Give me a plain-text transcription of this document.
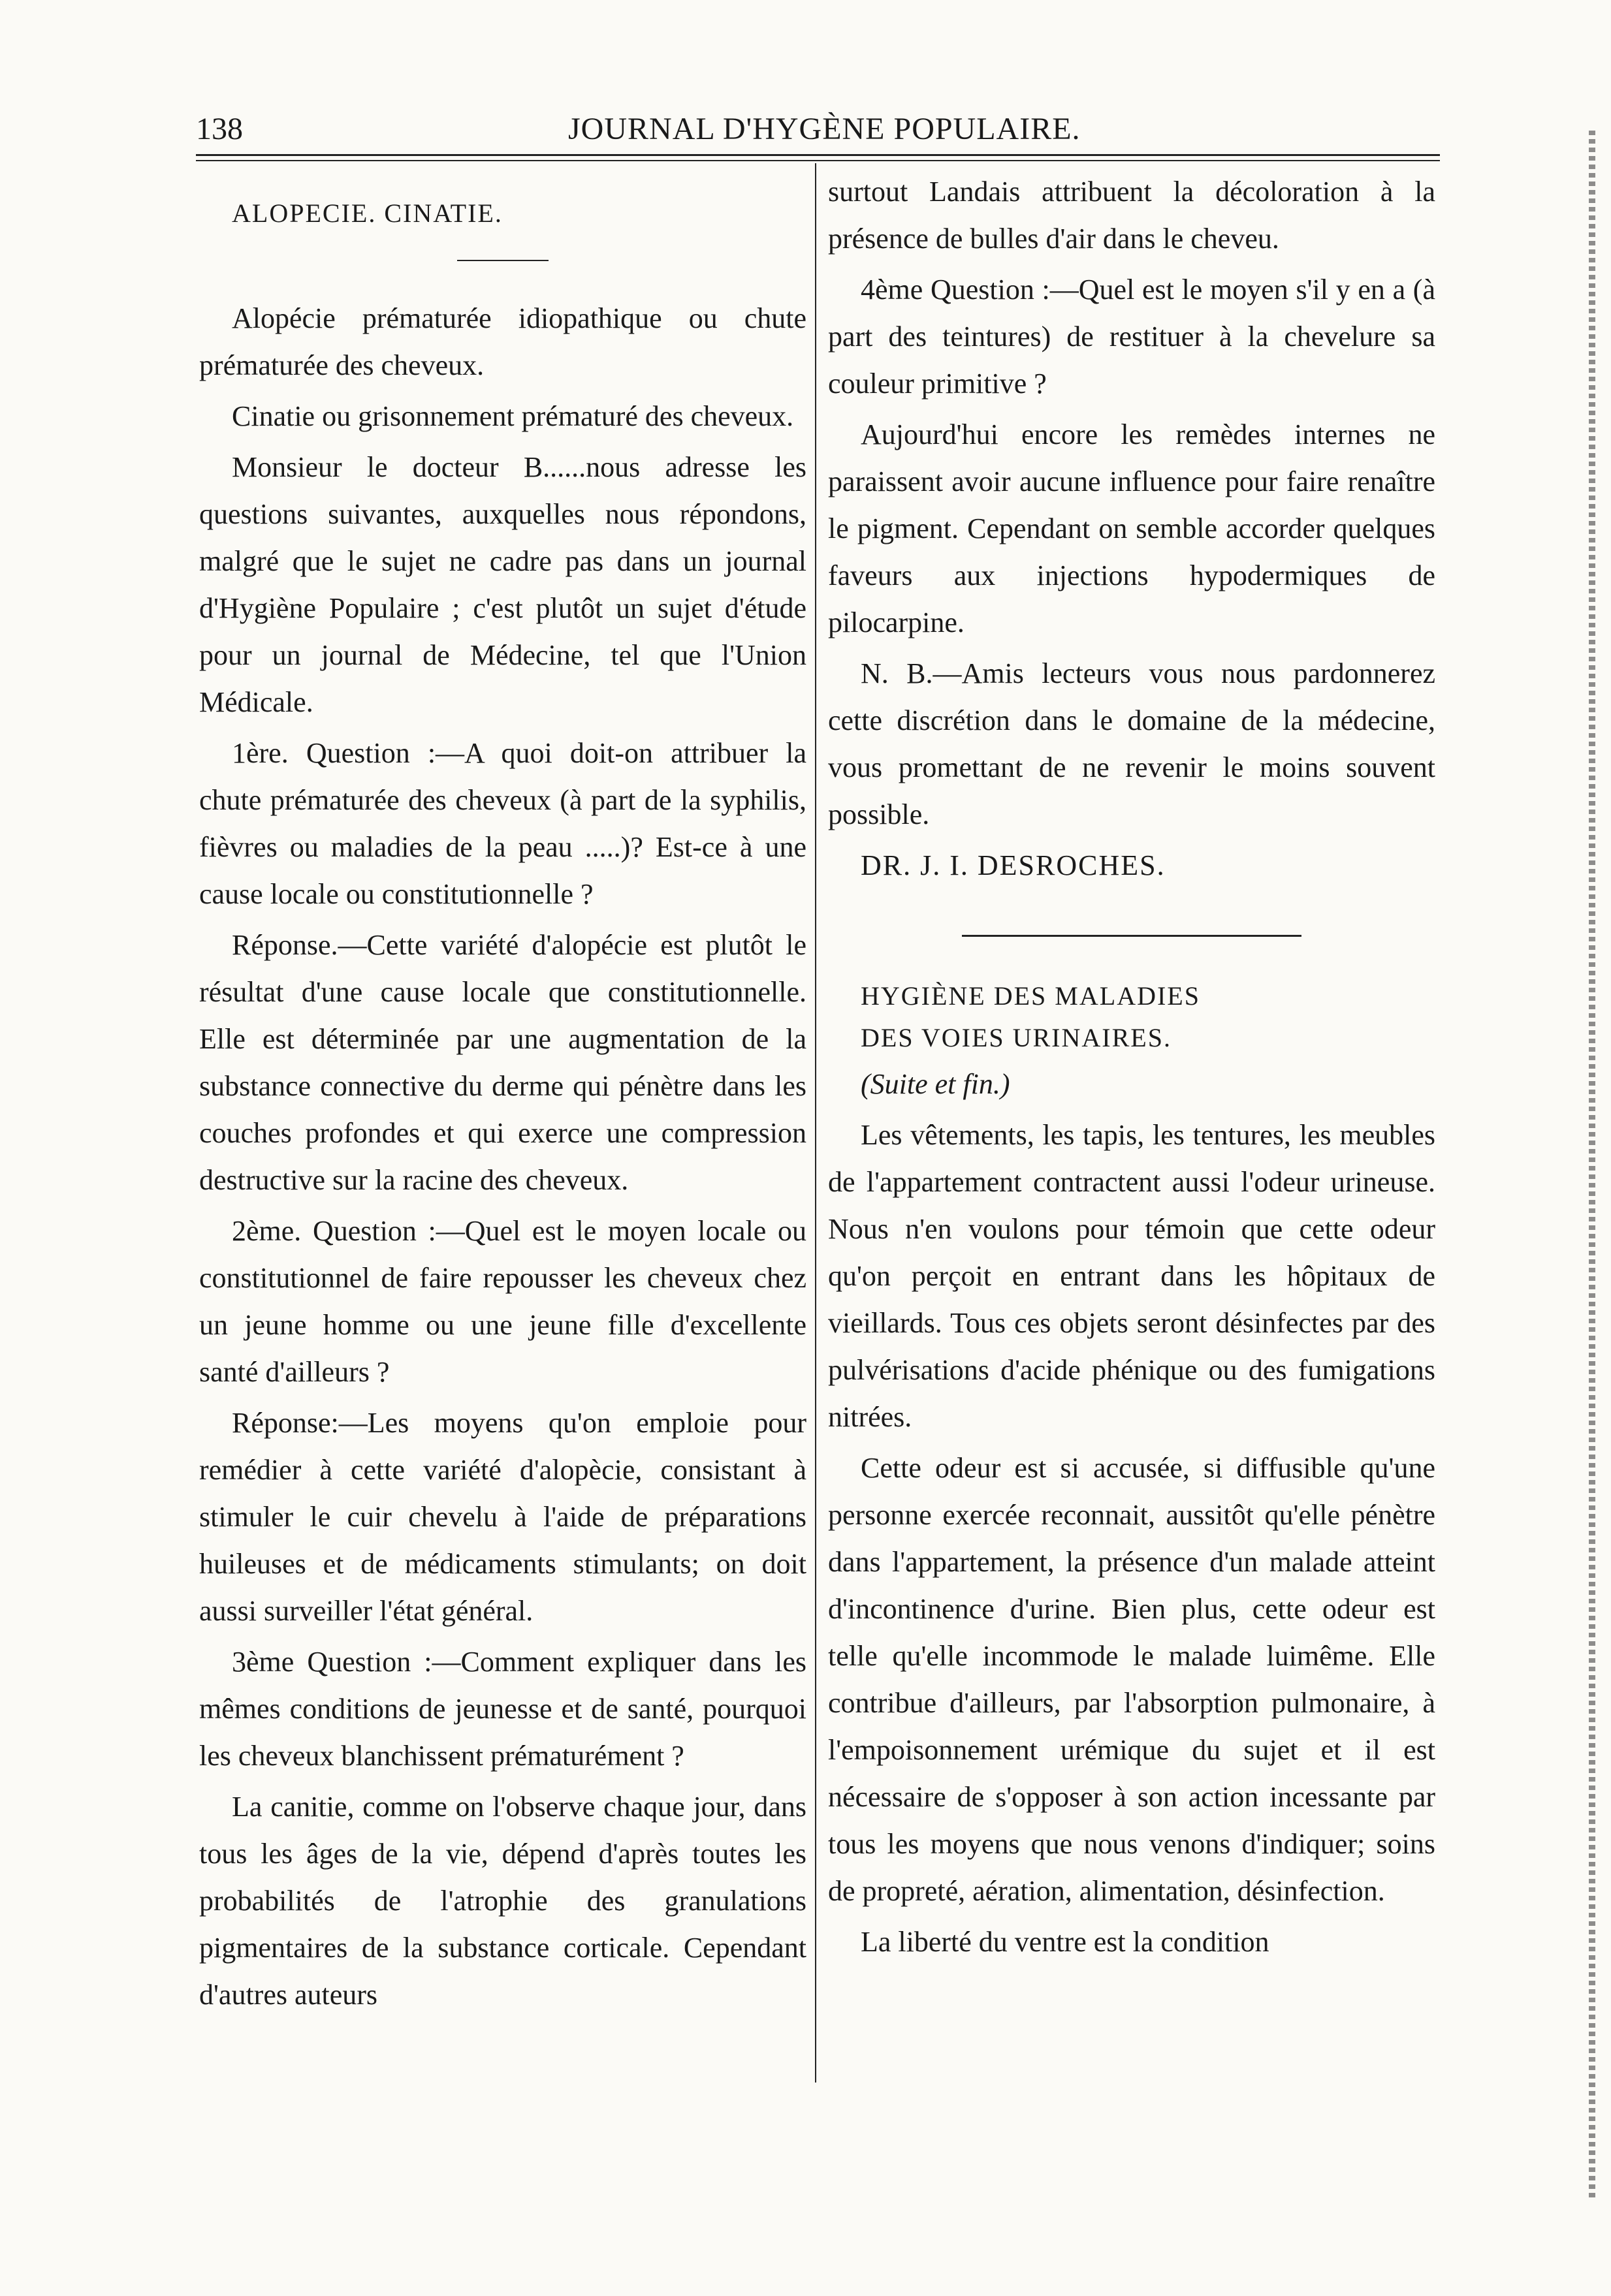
138	JOURNAL D'HYGÈNE POPULAIRE.

ALOPECIE. CINATIE.

Alopécie prématurée idiopathique ou chute prématurée des cheveux.

Cinatie ou grisonnement prématuré des cheveux.

Monsieur le docteur B......nous adresse les questions suivantes, auxquelles nous répondons, malgré que le sujet ne cadre pas dans un journal d'Hygiène Populaire ; c'est plutôt un sujet d'étude pour un journal de Médecine, tel que l'Union Médicale.

1ère. Question :—A quoi doit-on attribuer la chute prématurée des cheveux (à part de la syphilis, fièvres ou maladies de la peau .....)? Est-ce à une cause locale ou constitutionnelle ?

Réponse.—Cette variété d'alopécie est plutôt le résultat d'une cause locale que constitutionnelle. Elle est déterminée par une augmentation de la substance connective du derme qui pénètre dans les couches profondes et qui exerce une compression destructive sur la racine des cheveux.

2ème. Question :—Quel est le moyen locale ou constitutionnel de faire repousser les cheveux chez un jeune homme ou une jeune fille d'excellente santé d'ailleurs ?

Réponse:—Les moyens qu'on emploie pour remédier à cette variété d'alopècie, consistant à stimuler le cuir chevelu à l'aide de préparations huileuses et de médicaments stimulants; on doit aussi surveiller l'état général.

3ème Question :—Comment expliquer dans les mêmes conditions de jeunesse et de santé, pourquoi les cheveux blanchissent prématurément ?

La canitie, comme on l'observe chaque jour, dans tous les âges de la vie, dépend d'après toutes les probabilités de l'atrophie des granulations pigmentaires de la substance corticale. Cependant d'autres auteurs

surtout Landais attribuent la décoloration à la présence de bulles d'air dans le cheveu.

4ème Question :—Quel est le moyen s'il y en a (à part des teintures) de restituer à la chevelure sa couleur primitive ?

Aujourd'hui encore les remèdes internes ne paraissent avoir aucune influence pour faire renaître le pigment. Cependant on semble accorder quelques faveurs aux injections hypodermiques de pilocarpine.

N. B.—Amis lecteurs vous nous pardonnerez cette discrétion dans le domaine de la médecine, vous promettant de ne revenir le moins souvent possible.

DR. J. I. DESROCHES.

HYGIÈNE DES MALADIES

DES VOIES URINAIRES.

(Suite et fin.)

Les vêtements, les tapis, les tentures, les meubles de l'appartement contractent aussi l'odeur urineuse. Nous n'en voulons pour témoin que cette odeur qu'on perçoit en entrant dans les hôpitaux de vieillards. Tous ces objets seront désinfectes par des pulvérisations d'acide phénique ou des fumigations nitrées.

Cette odeur est si accusée, si diffusible qu'une personne exercée reconnait, aussitôt qu'elle pénètre dans l'appartement, la présence d'un malade atteint d'incontinence d'urine. Bien plus, cette odeur est telle qu'elle incommode le malade luimême. Elle contribue d'ailleurs, par l'absorption pulmonaire, à l'empoisonnement urémique du sujet et il est nécessaire de s'opposer à son action incessante par tous les moyens que nous venons d'indiquer; soins de propreté, aération, alimentation, désinfection.

La liberté du ventre est la condition
